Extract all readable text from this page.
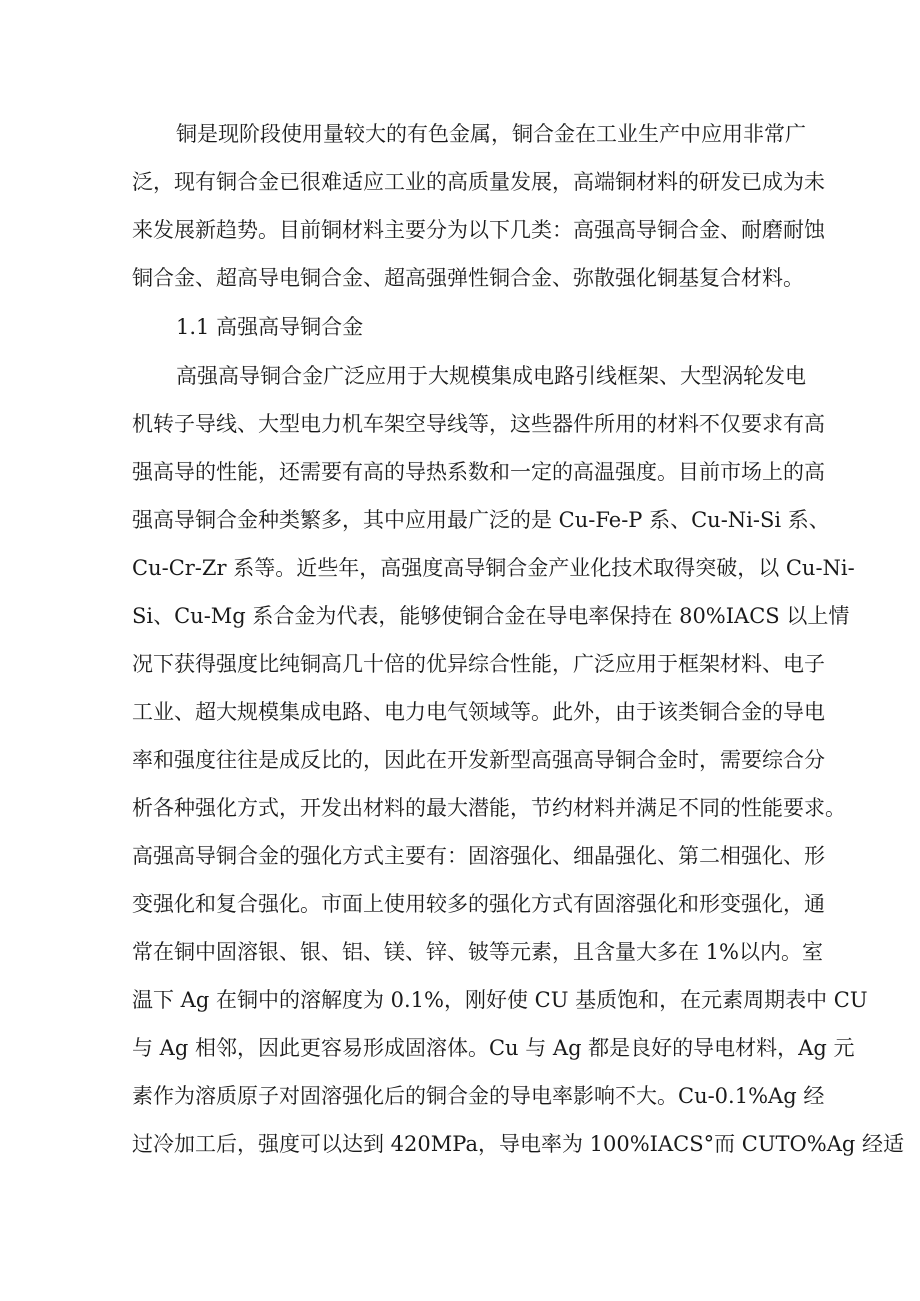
铜是现阶段使用量较大的有色金属，铜合金在工业生产中应用非常广
泛，现有铜合金已很难适应工业的高质量发展，高端铜材料的研发已成为未
来发展新趋势。目前铜材料主要分为以下几类：高强高导铜合金、耐磨耐蚀
铜合金、超高导电铜合金、超高强弹性铜合金、弥散强化铜基复合材料。
1.1 高强高导铜合金
高强高导铜合金广泛应用于大规模集成电路引线框架、大型涡轮发电
机转子导线、大型电力机车架空导线等，这些器件所用的材料不仅要求有高
强高导的性能，还需要有高的导热系数和一定的高温强度。目前市场上的高
强高导铜合金种类繁多，其中应用最广泛的是 Cu-Fe-P 系、Cu-Ni-Si 系、
Cu-Cr-Zr 系等。近些年，高强度高导铜合金产业化技术取得突破，以 Cu-Ni-
Si、Cu-Mg 系合金为代表，能够使铜合金在导电率保持在 80%IACS 以上情
况下获得强度比纯铜高几十倍的优异综合性能，广泛应用于框架材料、电子
工业、超大规模集成电路、电力电气领域等。此外，由于该类铜合金的导电
率和强度往往是成反比的，因此在开发新型高强高导铜合金时，需要综合分
析各种强化方式，开发出材料的最大潜能，节约材料并满足不同的性能要求。
高强高导铜合金的强化方式主要有：固溶强化、细晶强化、第二相强化、形
变强化和复合强化。市面上使用较多的强化方式有固溶强化和形变强化，通
常在铜中固溶银、银、铝、镁、锌、铍等元素，且含量大多在 1%以内。室
温下 Ag 在铜中的溶解度为 0.1%，刚好使 CU 基质饱和，在元素周期表中 CU
与 Ag 相邻，因此更容易形成固溶体。Cu 与 Ag 都是良好的导电材料，Ag 元
素作为溶质原子对固溶强化后的铜合金的导电率影响不大。Cu-0.1%Ag 经
过冷加工后，强度可以达到 420MPa，导电率为 100%IACS°而 CUTO%Ag 经适
